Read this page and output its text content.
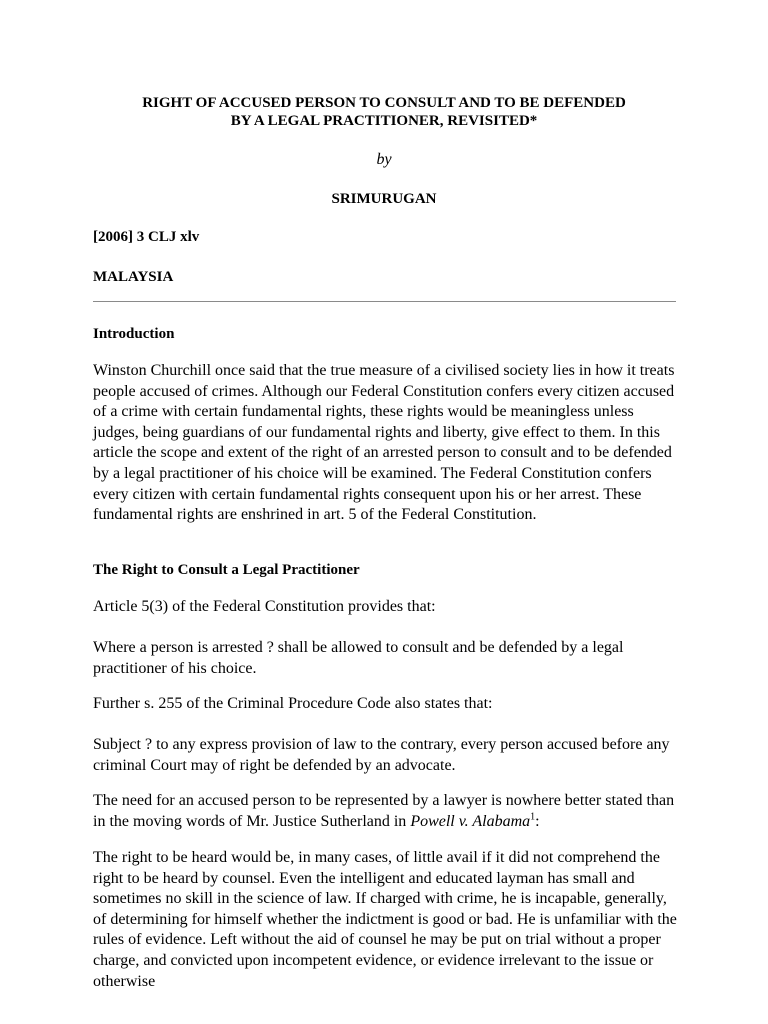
RIGHT OF ACCUSED PERSON TO CONSULT AND TO BE DEFENDED
BY A LEGAL PRACTITIONER, REVISITED*
by
SRIMURUGAN
[2006] 3 CLJ xlv
MALAYSIA
Introduction
Winston Churchill once said that the true measure of a civilised society lies in how it treats people accused of crimes. Although our Federal Constitution confers every citizen accused of a crime with certain fundamental rights, these rights would be meaningless unless judges, being guardians of our fundamental rights and liberty, give effect to them. In this article the scope and extent of the right of an arrested person to consult and to be defended by a legal practitioner of his choice will be examined. The Federal Constitution confers every citizen with certain fundamental rights consequent upon his or her arrest. These fundamental rights are enshrined in art. 5 of the Federal Constitution.
The Right to Consult a Legal Practitioner
Article 5(3) of the Federal Constitution provides that:
Where a person is arrested ? shall be allowed to consult and be defended by a legal practitioner of his choice.
Further s. 255 of the Criminal Procedure Code also states that:
Subject ? to any express provision of law to the contrary, every person accused before any criminal Court may of right be defended by an advocate.
The need for an accused person to be represented by a lawyer is nowhere better stated than in the moving words of Mr. Justice Sutherland in Powell v. Alabama$^1$:
The right to be heard would be, in many cases, of little avail if it did not comprehend the right to be heard by counsel. Even the intelligent and educated layman has small and sometimes no skill in the science of law. If charged with crime, he is incapable, generally, of determining for himself whether the indictment is good or bad. He is unfamiliar with the rules of evidence. Left without the aid of counsel he may be put on trial without a proper charge, and convicted upon incompetent evidence, or evidence irrelevant to the issue or otherwise
